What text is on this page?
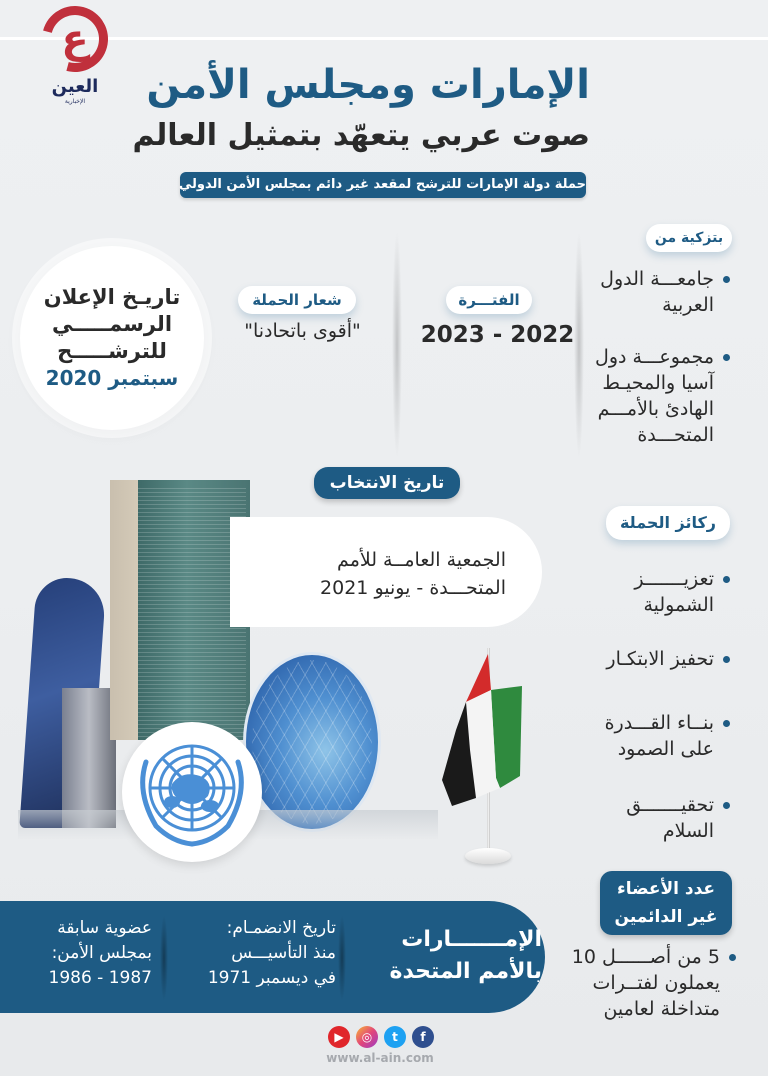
ع
العين
الإخبارية	الإمارات ومجلس الأمن
صوت عربي يتعهّد بتمثيل العالم
حملة دولة الإمارات للترشح لمقعد غير دائم بمجلس الأمن الدولي
بتزكية من
جامعـــة الدول
العربية
مجموعـــة دول
آسيا والمحيـط
الهادئ بالأمـــم
المتحـــدة
الفتـــرة
2023 - 2022
شعار الحملة
"أقوى باتحادنا"
تاريـخ الإعلان
الرسمـــــي
للترشـــــح
سبتمبر 2020
تاريخ الانتخاب
الجمعية العامــة للأمم
المتحـــدة - يونيو 2021
ركائز الحملة
تعزيـــــــز
الشمولية
تحفيز الابتكـار
بنــاء القـــدرة
على الصمود
تحقيـــــــق
السلام
عدد الأعضاء
غير الدائمين
5 من أصــــــل 10
يعملون لفتــرات
متداخلة لعامين
الإمـــــــارات
بالأمم المتحدة
تاريخ الانضمـام:
منذ التأسيـــس
في ديسمبر 1971
عضوية سابقة
بمجلس الأمن:
1987 - 1986
▶ ◎ t f
www.al-ain.com
